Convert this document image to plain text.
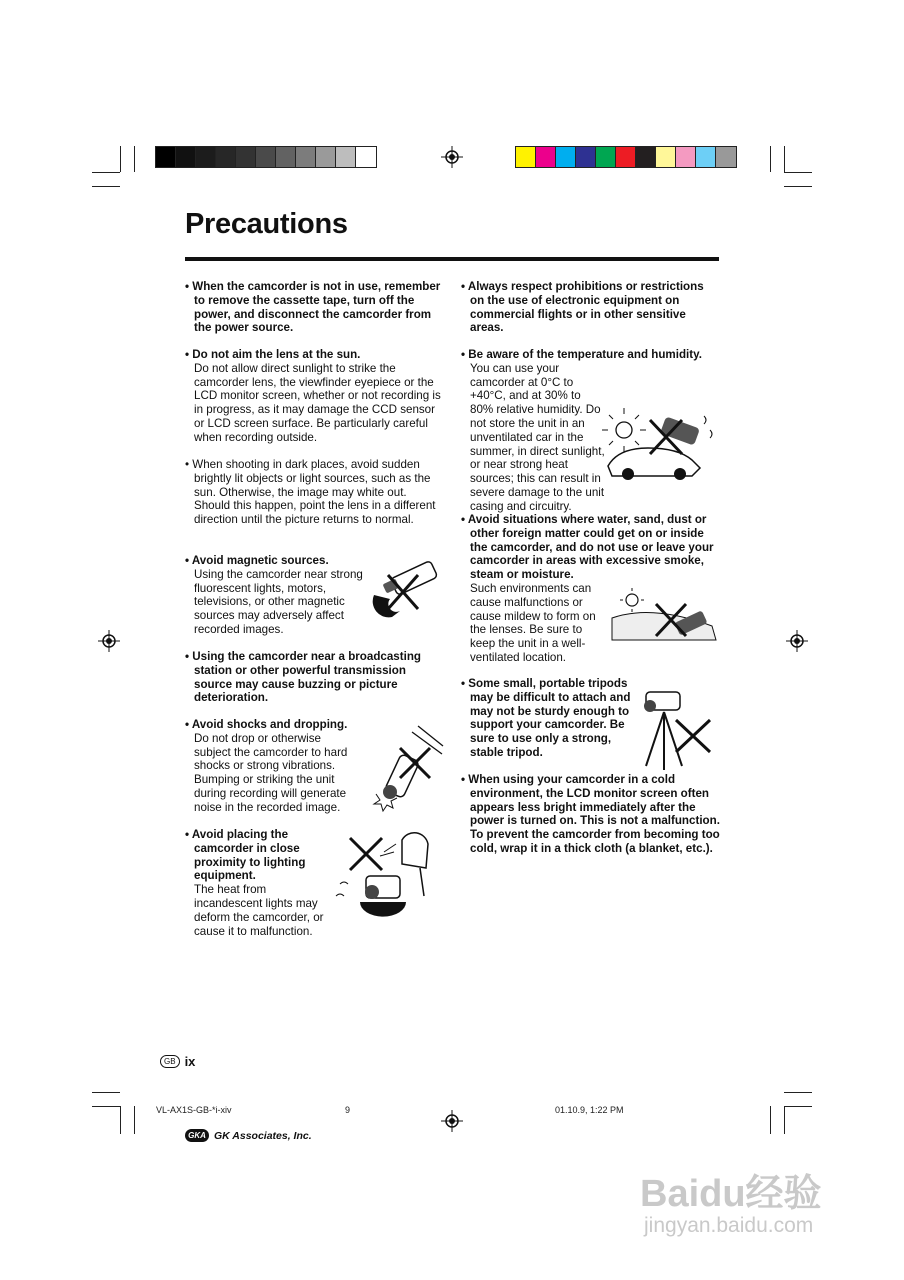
Precautions
• When the camcorder is not in use, remember to remove the cassette tape, turn off the power, and disconnect the camcorder from the power source.
• Do not aim the lens at the sun.
Do not allow direct sunlight to strike the camcorder lens, the viewfinder eyepiece or the LCD monitor screen, whether or not recording is in progress, as it may damage the CCD sensor or LCD screen surface. Be particularly careful when recording outside.
• When shooting in dark places, avoid sudden brightly lit objects or light sources, such as the sun. Otherwise, the image may white out. Should this happen, point the lens in a different direction until the picture returns to normal.
• Avoid magnetic sources.
Using the camcorder near strong fluorescent lights, motors, televisions, or other magnetic sources may adversely affect recorded images.
• Using the camcorder near a broadcasting station or other powerful transmission source may cause buzzing or picture deterioration.
• Avoid shocks and dropping.
Do not drop or otherwise subject the camcorder to hard shocks or strong vibrations. Bumping or striking the unit during recording will generate noise in the recorded image.
• Avoid placing the camcorder in close proximity to lighting equipment.
The heat from incandescent lights may deform the camcorder, or cause it to malfunction.
• Always respect prohibitions or restrictions on the use of electronic equipment on commercial flights or in other sensitive areas.
• Be aware of the temperature and humidity.
You can use your camcorder at 0°C to +40°C, and at 30% to 80% relative humidity. Do not store the unit in an unventilated car in the summer, in direct sunlight, or near strong heat sources; this can result in severe damage to the unit casing and circuitry.
• Avoid situations where water, sand, dust or other foreign matter could get on or inside the camcorder, and do not use or leave your camcorder in areas with excessive smoke, steam or moisture.
Such environments can cause malfunctions or cause mildew to form on the lenses. Be sure to keep the unit in a well-ventilated location.
• Some small, portable tripods may be difficult to attach and may not be sturdy enough to support your camcorder. Be sure to use only a strong, stable tripod.
• When using your camcorder in a cold environment, the LCD monitor screen often appears less bright immediately after the power is turned on. This is not a malfunction. To prevent the camcorder from becoming too cold, wrap it in a thick cloth (a blanket, etc.).
GB ix
VL-AX1S-GB-*i-xiv	9	01.10.9, 1:22 PM
GKA GK Associates, Inc.
Baidu经验
jingyan.baidu.com
